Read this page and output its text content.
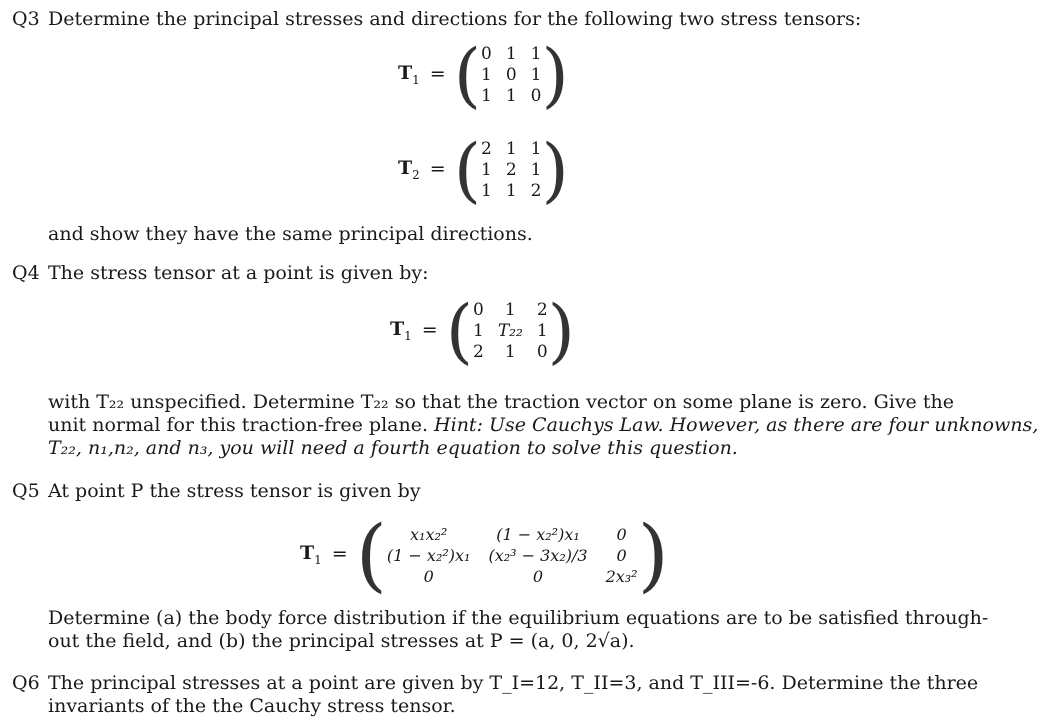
Q3 Determine the principal stresses and directions for the following two stress tensors:
$T_1$ = ( 0 1 1
1 0 1
1 1 0 )
$T_2$ = ( 2 1 1
1 2 1
1 1 2 )
and show they have the same principal directions.
Q4 The stress tensor at a point is given by:
$T_1$ = ( 0	1	2
1 T₂₂ 1
2	1	0 )
with T₂₂ unspecified. Determine T₂₂ so that the traction vector on some plane is zero. Give the
unit normal for this traction-free plane. Hint: Use Cauchys Law. However, as there are four unknowns,
T₂₂, n₁,n₂, and n₃, you will need a fourth equation to solve this question.
Q5 At point P the stress tensor is given by
$T_1$ = (	x₁x₂²	(1 − x₂²)x₁	0
(1 − x₂²)x₁ (x₂³ − 3x₂)/3	0
0	0	2x₃² )
Determine (a) the body force distribution if the equilibrium equations are to be satisfied through-
out the field, and (b) the principal stresses at P = (a, 0, 2√a).
Q6 The principal stresses at a point are given by T_I=12, T_II=3, and T_III=-6. Determine the three
invariants of the the Cauchy stress tensor.
